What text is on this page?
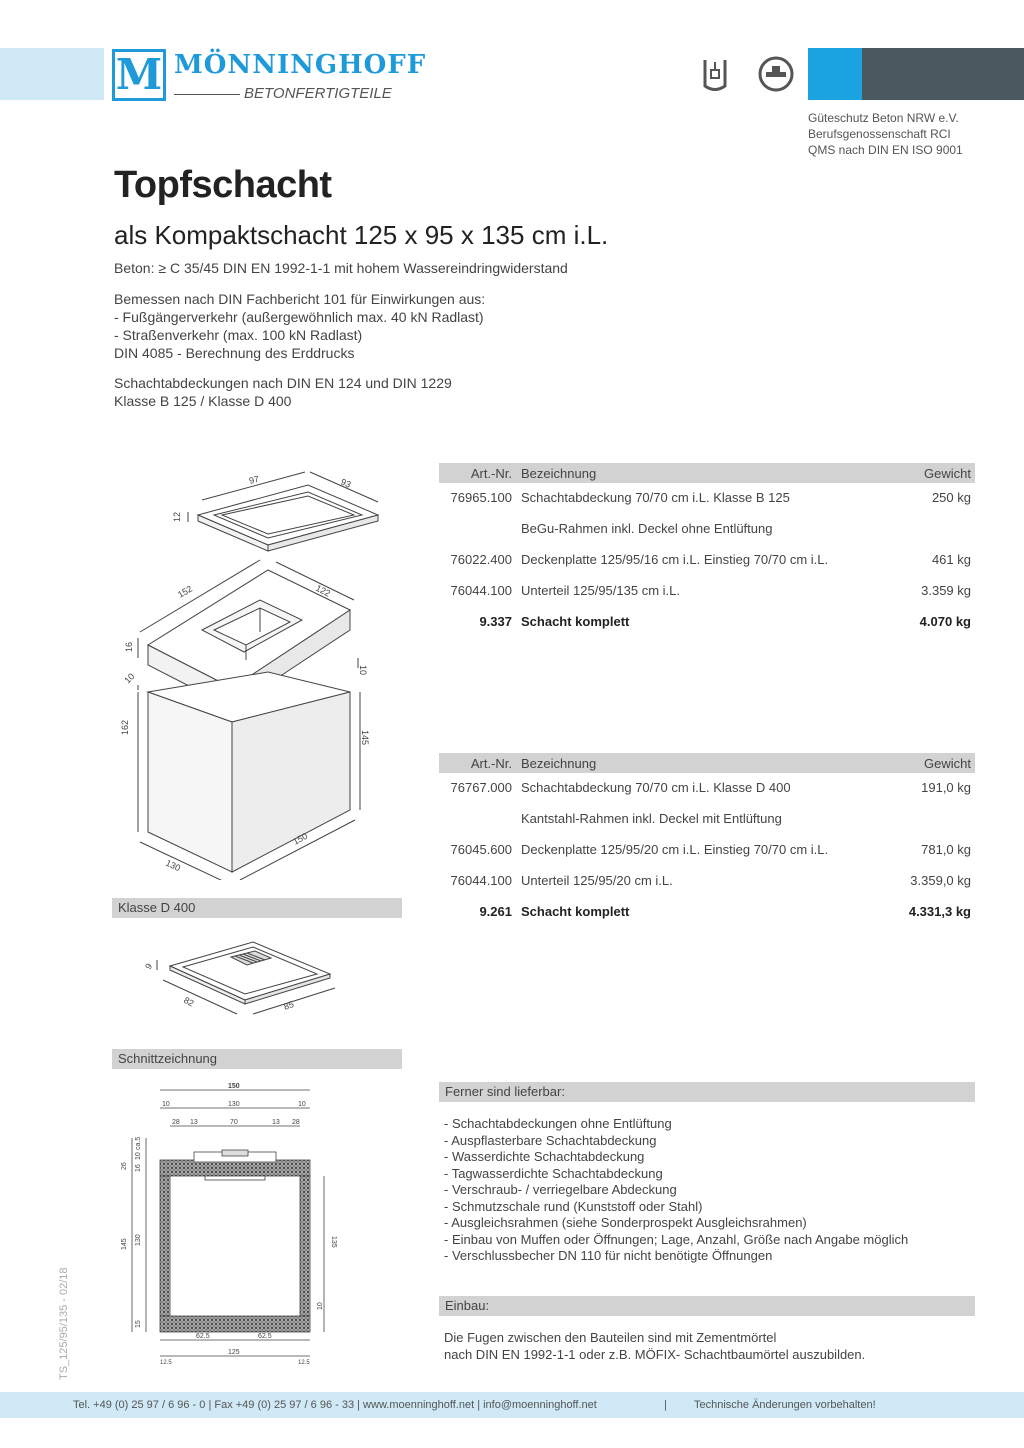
M MÖNNINGHOFF
BETONFERTIGTEILE
Güteschutz Beton NRW e.V.
Berufsgenossenschaft RCI
QMS nach DIN EN ISO 9001
Topfschacht
als Kompaktschacht 125 x 95 x 135 cm i.L.
Beton: ≥ C 35/45 DIN EN 1992-1-1 mit hohem Wassereindringwiderstand
Bemessen nach DIN Fachbericht 101 für Einwirkungen aus:
- Fußgängerverkehr (außergewöhnlich max. 40 kN Radlast)
- Straßenverkehr (max. 100 kN Radlast)
DIN 4085 - Berechnung des Erddrucks
Schachtabdeckungen nach DIN EN 124 und DIN 1229
Klasse B 125 / Klasse D 400
Art.-Nr. Bezeichnung	Gewicht
76965.100 Schachtabdeckung 70/70 cm i.L. Klasse B 125	250 kg
BeGu-Rahmen inkl. Deckel ohne Entlüftung
76022.400 Deckenplatte 125/95/16 cm i.L. Einstieg 70/70 cm i.L.	461 kg
76044.100 Unterteil 125/95/135 cm i.L.	3.359 kg
9.337 Schacht komplett	4.070 kg
Art.-Nr. Bezeichnung	Gewicht
76767.000 Schachtabdeckung 70/70 cm i.L. Klasse D 400	191,0 kg
Kantstahl-Rahmen inkl. Deckel mit Entlüftung
76045.600 Deckenplatte 125/95/20 cm i.L. Einstieg 70/70 cm i.L.	781,0 kg
76044.100 Unterteil 125/95/20 cm i.L.	3.359,0 kg
9.261 Schacht komplett	4.331,3 kg
97	93
12
152	122
16
10
10
162
145
130
150
Klasse D 400
9
82	85
Schnittzeichnung
150
130
10	10
28 13	70	13 28
ca.5
10
16
26
145 130
15
135
10
62.5	62.5
125
12.5	12.5
Ferner sind lieferbar:
- Schachtabdeckungen ohne Entlüftung
- Auspflasterbare Schachtabdeckung
- Wasserdichte Schachtabdeckung
- Tagwasserdichte Schachtabdeckung
- Verschraub- / verriegelbare Abdeckung
- Schmutzschale rund (Kunststoff oder Stahl)
- Ausgleichsrahmen (siehe Sonderprospekt Ausgleichsrahmen)
- Einbau von Muffen oder Öffnungen; Lage, Anzahl, Größe nach Angabe möglich
- Verschlussbecher DN 110 für nicht benötigte Öffnungen
Einbau:
Die Fugen zwischen den Bauteilen sind mit Zementmörtel
nach DIN EN 1992-1-1 oder z.B. MÖFIX- Schachtbaumörtel auszubilden.
TS_125/95/135 - 02/18
Tel. +49 (0) 25 97 / 6 96 - 0 | Fax +49 (0) 25 97 / 6 96 - 33 | www.moenninghoff.net | info@moenninghoff.net	| Technische Änderungen vorbehalten!
